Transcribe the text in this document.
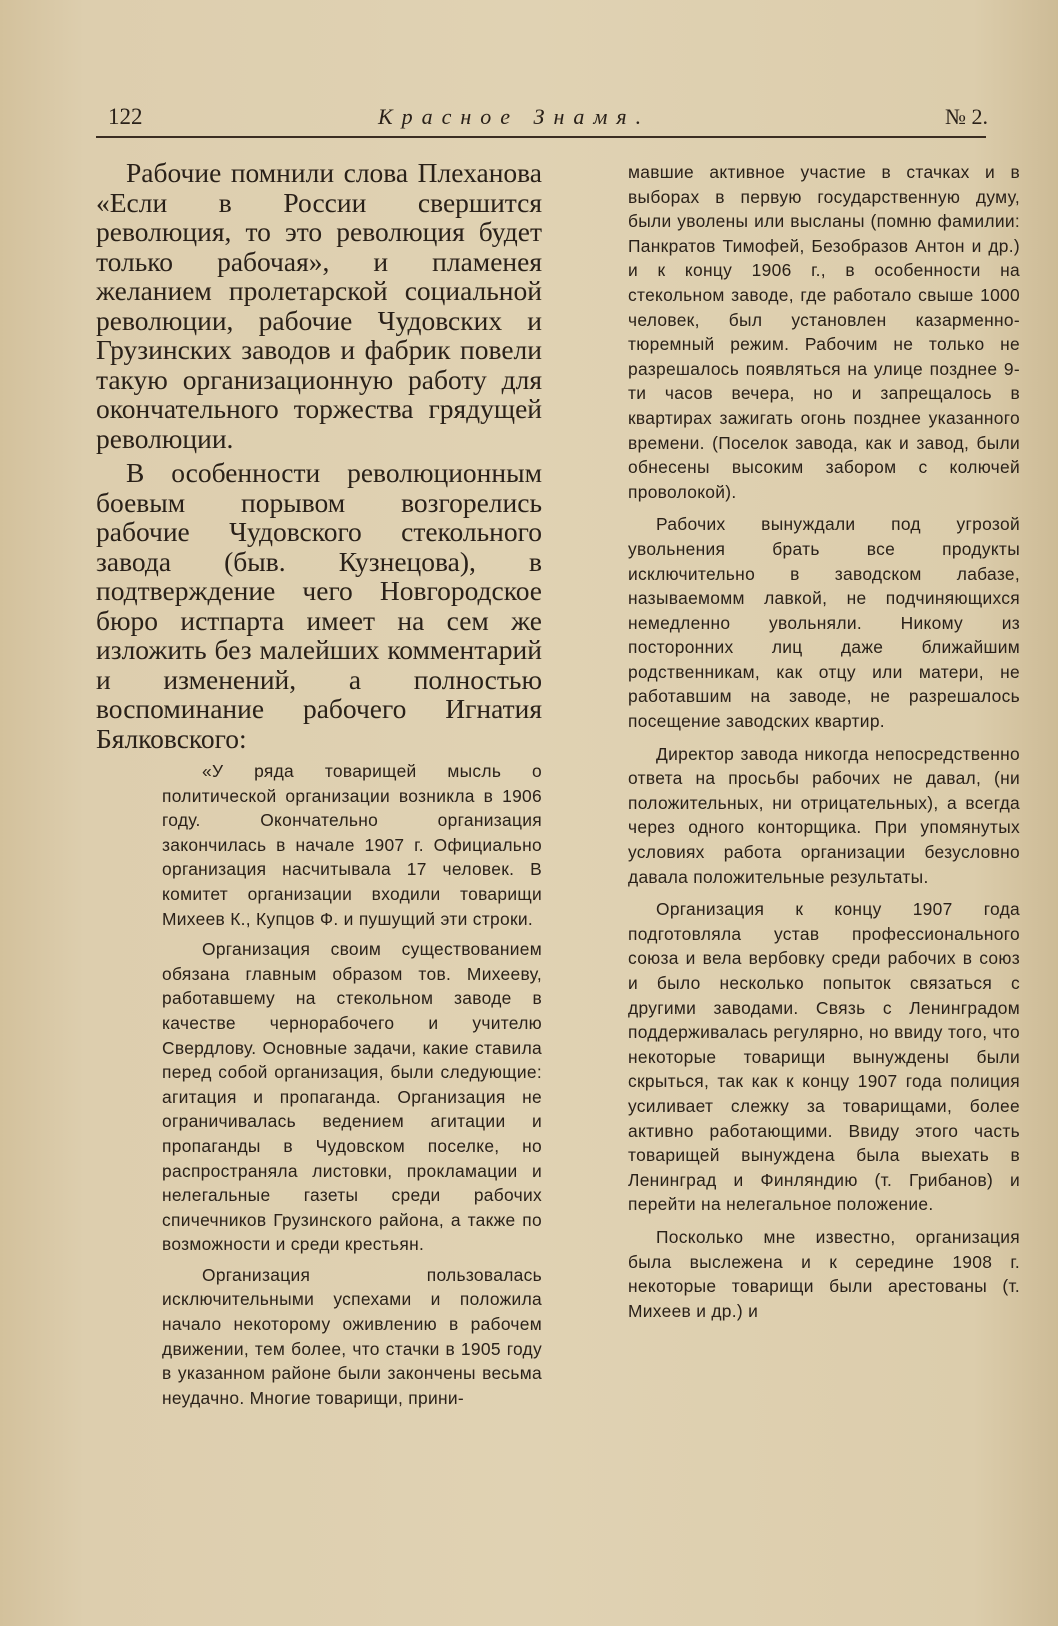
122	Красное Знамя.	№ 2.

Рабочие помнили слова Плеханова «Если в России свершится революция, то это революция будет только рабочая», и пламенея желанием пролетарской социальной революции, рабочие Чудовских и Грузинских заводов и фабрик повели такую организационную работу для окончательного торжества грядущей революции.

В особенности революционным боевым порывом возгорелись рабочие Чудовского стекольного завода (быв. Кузнецова), в подтверждение чего Новгородское бюро истпарта имеет на сем же изложить без малейших комментарий и изменений, а полностью воспоминание рабочего Игнатия Бялковского:

«У ряда товарищей мысль о политической организации возникла в 1906 году. Окончательно организация закончилась в начале 1907 г. Официально организация насчитывала 17 человек. В комитет организации входили товарищи Михеев К., Купцов Ф. и пушущий эти строки.

Организация своим существованием обязана главным образом тов. Михееву, работавшему на стекольном заводе в качестве чернорабочего и учителю Свердлову. Основные задачи, какие ставила перед собой организация, были следующие: агитация и пропаганда. Организация не ограничивалась ведением агитации и пропаганды в Чудовском поселке, но распространяла листовки, прокламации и нелегальные газеты среди рабочих спичечников Грузинского района, а также по возможности и среди крестьян.

Организация пользовалась исключительными успехами и положила начало некоторому оживлению в рабочем движении, тем более, что стачки в 1905 году в указанном районе были закончены весьма неудачно. Многие товарищи, прини-

мавшие активное участие в стачках и в выборах в первую государственную думу, были уволены или высланы (помню фамилии: Панкратов Тимофей, Безобразов Антон и др.) и к концу 1906 г., в особенности на стекольном заводе, где работало свыше 1000 человек, был установлен казарменно-тюремный режим. Рабочим не только не разрешалось появляться на улице позднее 9-ти часов вечера, но и запрещалось в квартирах зажигать огонь позднее указанного времени. (Поселок завода, как и завод, были обнесены высоким забором с колючей проволокой).

Рабочих вынуждали под угрозой увольнения брать все продукты исключительно в заводском лабазе, называемомм лавкой, не подчиняющихся немедленно увольняли. Никому из посторонних лиц даже ближайшим родственникам, как отцу или матери, не работавшим на заводе, не разрешалось посещение заводских квартир.

Директор завода никогда непосредственно ответа на просьбы рабочих не давал, (ни положительных, ни отрицательных), а всегда через одного конторщика. При упомянутых условиях работа организации безусловно давала положительные результаты.

Организация к концу 1907 года подготовляла устав профессионального союза и вела вербовку среди рабочих в союз и было несколько попыток связаться с другими заводами. Связь с Ленинградом поддерживалась регулярно, но ввиду того, что некоторые товарищи вынуждены были скрыться, так как к концу 1907 года полиция усиливает слежку за товарищами, более активно работающими. Ввиду этого часть товарищей вынуждена была выехать в Ленинград и Финляндию (т. Грибанов) и перейти на нелегальное положение.

Посколько мне известно, организация была выслежена и к середине 1908 г. некоторые товарищи были арестованы (т. Михеев и др.) и
